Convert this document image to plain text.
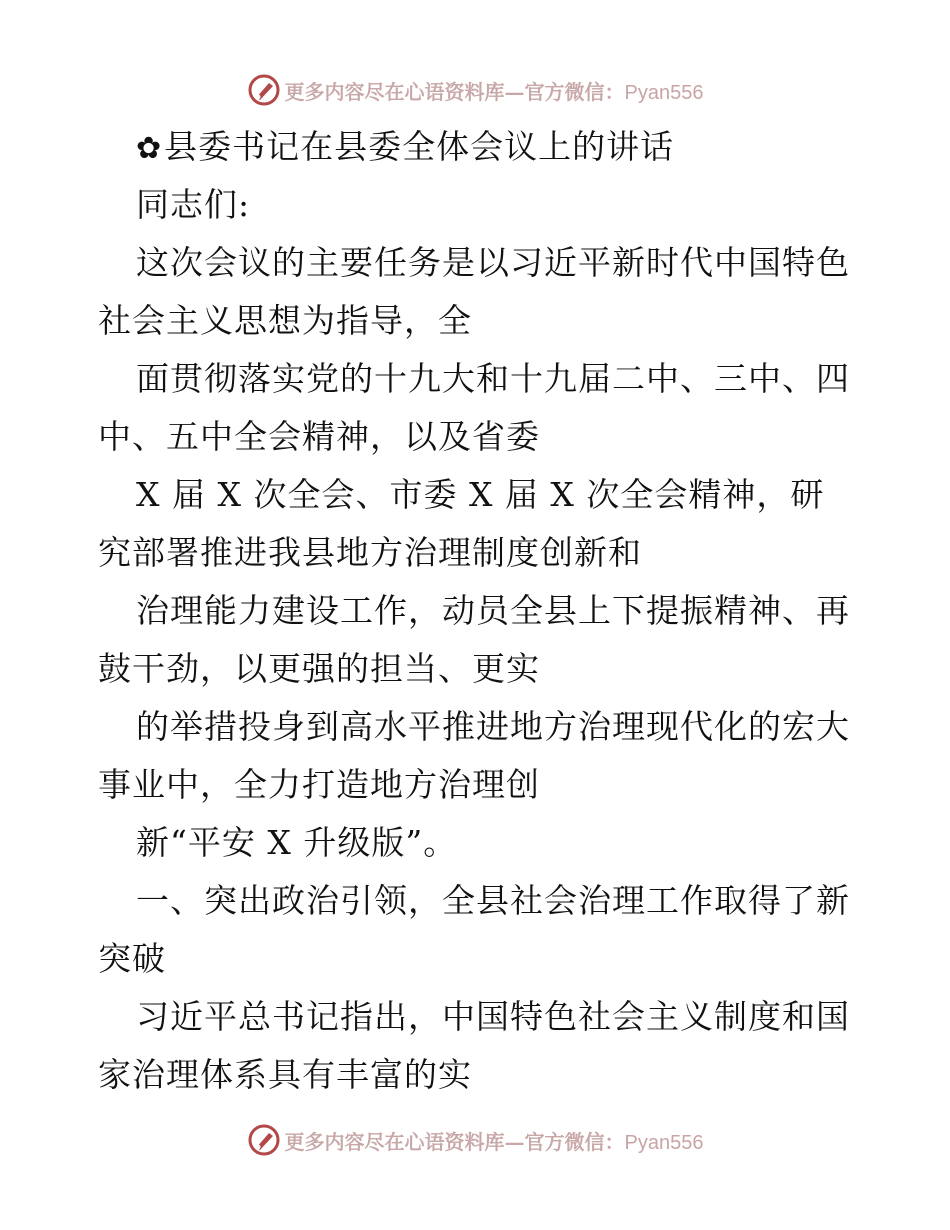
更多内容尽在心语资料库—官方微信：Pyan556
✿县委书记在县委全体会议上的讲话
同志们:
这次会议的主要任务是以习近平新时代中国特色
社会主义思想为指导，全
面贯彻落实党的十九大和十九届二中、三中、四
中、五中全会精神，以及省委
X 届 X 次全会、市委 X 届 X 次全会精神，研
究部署推进我县地方治理制度创新和
治理能力建设工作，动员全县上下提振精神、再
鼓干劲，以更强的担当、更实
的举措投身到高水平推进地方治理现代化的宏大
事业中，全力打造地方治理创
新“平安 X 升级版”。
一、突出政治引领，全县社会治理工作取得了新
突破
习近平总书记指出，中国特色社会主义制度和国
家治理体系具有丰富的实
更多内容尽在心语资料库—官方微信：Pyan556
